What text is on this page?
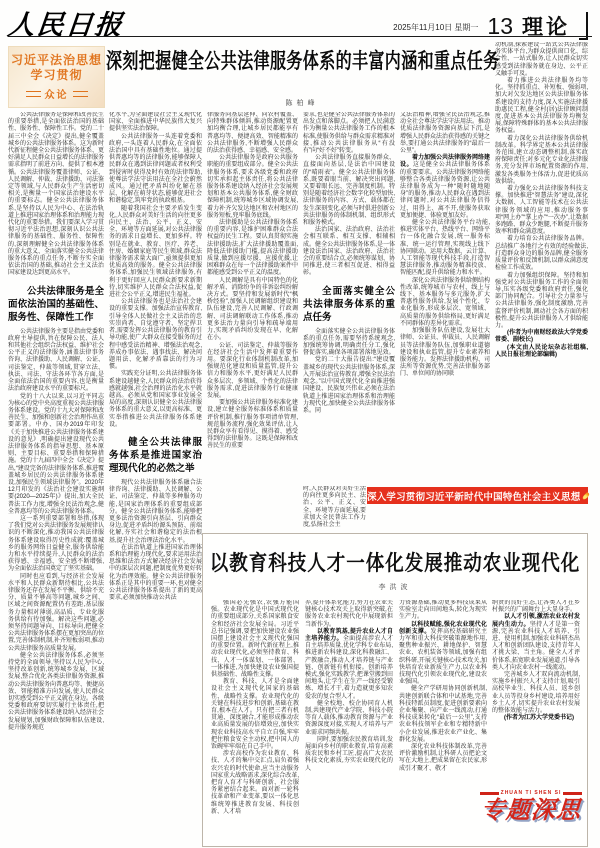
人民日报	2025年11月10日 星期一 13 理论
习近平法治思想
学习贯彻
众论
深刻把握健全公共法律服务体系的丰富内涵和重点任务
陈柏峰

公共法律服务是保障和改善民生的重要举措,是全面依法治国的基础性、服务性、保障性工作。党的二十届三中全会《决定》提出,健全覆盖城乡的公共法律服务体系。这为新时代新征程健全公共法律服务体系、更好满足人民群众日益增长的法律服务需求指明了前进方向、提供了根本遵循。公共法律服务覆盖律师、公证、人民调解、仲裁、法律援助、司法鉴定等领域,与人民群众生产生活密切相关,是衡量一个国家法治建设水平的重要标志。健全公共法律服务体系,是坚持以人民为中心、在法治轨道上推进国家治理体系和治理能力现代化的重要举措。我们要深入学习贯彻习近平法治思想,深刻认识公共法律服务的基础性、服务性、保障性的,深刻理解健全公共法律服务体系的重大意义、全面落实健全公共法律服务体系的重点任务,不断夯实全面依法治国的基础,推动社会主义法治国家建设达到更高水平。

公共法律服务是全面依法治国的基础性、服务性、保障性工作

公共法律服务主要是指由党委和政府主导提供,旨在保障公民、法人和其他社会组织合法权益、维护社会公平正义的法律服务,涵盖法律事务咨询、法律援助、人民调解、公证、司法鉴定、仲裁等领域,贯穿立法、执法、司法、守法各环节各方面,是全面依法治国的重要内容,也是衡量法治政府建设水平的重要标尺。

党的十八大以来,以习近平同志为核心的党中央高度重视公共法律服务体系建设。党的十九大对保障和改善民生、加强和创新社会治理作出重要部署。中办、国办2019年印发《关于加快推进公共法律服务体系建设的意见》,明确提出建设现代公共法律服务体系的指导思想、基本原则、主要目标、重要举措和保障措施。党的十九届四中全会《决定》提出,“建设完备的法律服务体系,推进覆盖城乡居民的公共法律服务体系建设,加强民生领域法律服务”。2020年12月印发的《法治社会建设实施纲要(2020—2025年)》提出,加大全民普法工作力度,增强全民法治观念,健全普惠均等的公共法律服务体系。

这一系列重要部署和举措,体现了我们党对公共法律服务发展规律认识的不断深化,推动我国公共法律服务体系建设取得历史性成就:覆盖城乡的服务网络日益健全,服务供给能力和水平持续提升,人民群众的法治获得感、幸福感、安全感不断增强,为全面依法治国奠定了坚实基础。

同时也应看到,与经济社会发展水平和人民群众新期待相比,公共法律服务还存在发展不平衡、供给不充分、质量不够高等问题,城乡之间、区域之间资源配置仍有差距,基层服务力量相对薄弱,高品质、专业化服务供给有待加强。解决这些问题,必须坚持问题导向、目标导向,把健全公共法律服务体系摆在更加突出的位置,完善体制机制,补齐短板弱项,推动公共法律服务高质量发展。

健全公共法律服务体系,必须坚持党的全面领导,坚持以人民为中心,坚持改革创新,统筹城乡发展、区域发展,整合优化各类法律服务资源,推动公共法律服务向普惠均等、便捷高效、智能精准方向发展,使人民群众切实感受到公平正义就在身边。各级党委和政府要切实履行主体责任,把公共法律服务体系建设纳入经济社会发展规划,加强财政保障和队伍建设,提升服务规范

化水平,为全面建设社会主义现代化国家、全面推进中华民族伟大复兴提供坚实法治保障。

公共法律服务一头连着党委和政府,一头连着人民群众,在全面依法治国中具有基础性地位。通过提供普惠均等的法律服务,能够保障人民群众在遇到法律问题或者权利受到侵害时获得及时有效的法律帮助,使尊法学法守法用法在全社会蔚然成风。通过把矛盾纠纷化解在基层、化解在萌芽状态,能够促进社会和谐稳定,筑牢党的执政根基。

随着我国社会主要矛盾发生变化,人民群众对美好生活的向往更多向民主、法治、公平、正义、安全、环境等方面延展,对公共法律服务的需求日益增长、更加多样。特别是在就业、教育、医疗、养老、住房、婚姻家庭等民生领域,群众法律服务需求量大面广,亟须提供更加优质高效的服务。健全公共法律服务体系,加强民生领域法律服务,有利于更好回应人民群众新要求新期待,切实维护人民群众合法权益,促进社会公平正义,增进民生福祉。

公共法律服务也是法治社会建设的重要支撑。加强法治宣传教育,引导全体人民做社会主义法治的忠实崇尚者、自觉遵守者、坚定捍卫者,需要发挥公共法律服务的教育引导功能,使广大群众在接受服务的过程中感受法治精神、增强法治观念,养成办事依法、遇事找法、解决问题用法、化解矛盾靠法的行为习惯。

实践充分证明,公共法律服务体系建设越健全,人民群众的法治获得感就越强,社会治理的法治化水平就越高。必须从党和国家事业发展全局的高度,深刻认识健全公共法律服务体系的重大意义,以更高标准、更实举措推进公共法律服务体系建设。

健全公共法律服务体系是推进国家治理现代化的必然之举

现代公共法律服务体系融合法律咨询、法律援助、人民调解、公证、司法鉴定、仲裁等多种服务功能,是国家治理体系的重要组成部分。健全公共法律服务体系,能够把更多法治资源引向基层、引向群众身边,促进矛盾纠纷源头预防、前端化解,夯实社会和谐稳定的法治根基,提升社会治理法治化水平。

在法治轨道上推进国家治理体系和治理能力现代化,要求运用法治思维和法治方式解决经济社会发展中的深层次问题,把制度优势更好转化为治理效能。健全公共法律服务体系正是其中的重要一环,也对健全公共法律服务体系提出了新的更高要求,必须加快推动公共法

律服务向基层延伸、向农村覆盖、向特殊群体倾斜,推动资源配置更加均衡合理,让城乡居民都能享有普惠均等、便捷高效、智能精准的公共法律服务,不断增强人民群众的法治获得感、幸福感、安全感。

公共法律服务是政府公共服务职能的重要组成部分。健全公共法律服务体系,要求各级党委和政府切实承担起主体责任,将公共法律服务体系建设纳入经济社会发展规划和基本公共服务体系,健全财政保障机制,统筹城乡区域协调发展,着力补齐欠发达地区和农村地区的服务短板,兜牢服务底线。

法律援助是公共法律服务体系的重要内容,是维护困难群众合法权益的民生工程。要认真贯彻实施法律援助法,扩大法律援助覆盖面,降低法律援助门槛,提高法律援助质量,做到应援尽援、应援优援,让困难群众在每一个法律援助案件中都能感受到公平正义的温度。

人民调解是具有中国特色的化解矛盾、消除纷争的非诉讼纠纷解决方式。要坚持和发展新时代“枫桥经验”,加强人民调解组织建设和队伍建设,完善人民调解、行政调解、司法调解联动工作体系,推动更多法治力量向引导和疏导端用力,实现矛盾纠纷发现在早、化解在小。

公证、司法鉴定、仲裁等服务在经济社会生活中发挥着重要作用。要深化行业体制机制改革,加强规范化建设和质量监管,提升公信力和服务水平,更好满足人民群众多层次、多领域、个性化的法律服务需求,促进法律服务行业健康发展。

要加强公共法律服务标准化建设,建立健全服务标准体系和质量评价机制,推行服务事项清单管理,规范服务流程,强化效果评估,让人民群众享有看得见、摸得着、感受得到的法律服务。这既是保障和改善民生的重要

要求,也是健全公共法律服务体系的出发点和落脚点。必须把人民满意作为衡量公共法律服务工作的根本标准,使服务供给与群众需求精准对接,推动公共法律服务从“有没有”向“好不好”转变。

公共法律服务直接服务群众、直接面向基层,是法治中国建设的“晴雨表”。健全公共法律服务体系,既要着眼当前、解决突出问题,又要着眼长远、完善制度机制。特别是随着经济社会数字化转型加快,法律服务的内容、方式、载体都在发生深刻变化,必须与时俱进创新公共法律服务的体制机制、组织形式和服务模式。

法治国家、法治政府、法治社会相互联系、相互支撑、相辅相成。健全公共法律服务体系,是一体建设法治国家、法治政府、法治社会的重要结合点,必须统筹谋划、协同推进,使三者相互促进、相得益彰。

全面落实健全公共法律服务体系的重点任务

全面落实健全公共法律服务体系的重点任务,需要坚持系统观念,加强统筹协调,明确责任分工,强化督促落实,确保各项部署落地见效。

党的二十大报告提出:“建设覆盖城乡的现代公共法律服务体系,深入开展法治宣传教育,增强全民法治观念。”以中国式现代化全面推进强国建设、民族复兴伟业,必须在法治轨道上推进国家治理体系和治理能力现代化,加快健全公共法律服务体系。同

时,人民群众对美好生活的向往更多向民主、法治、公平、正义、安全、环境等方面延展,要求加大全民普法工作力度,弘扬社会主

义法治精神,增强全民法治观念,推动全社会尊法学法守法用法。推动优质法律服务资源向基层下沉,是增强人民群众法治获得感的关键之举,要打通公共法律服务的“最后一公里”。

着力加强公共法律服务网络建设。这是健全公共法律服务体系的重要要求。公共法律服务网络能够整合各类法律服务资源,让公共法律服务成为一种“随时随地随身”的服务,推动人民群众在遇到法律问题时,对公共法律服务信得过、用得上、离不开,使服务获取更加便捷、体验更加友好。

健全公共法律服务平台功能,推进实体平台、热线平台、网络平台一体化融合发展,统一服务标准、统一运行管理,实现线上线下协同联动。运用大数据、云计算、人工智能等现代科技手段,打造智慧法律服务,推动服务精准投放、智能匹配,提升供给能力和水平。

深化公共法律服务供给侧结构性改革,统筹城市与农村、线上与线下、基本服务与多元服务,扩大普惠性服务供给,发展个性化、专业化服务,形成多层次、宽领域、高质量的服务供给格局,更好满足不同群体的差异化需求。

加强服务队伍建设,发展壮大律师、公证员、仲裁员、人民调解员等法律服务队伍,加强职业道德建设和执业监管,提升专业素养和服务能力。发挥法律援助机构、司法所等资源优势,完善法律服务部门、单位间的协同联

动机制,探索建设一站式公共法律服务实体平台,为群众提供窗口化、综合性、一站式服务,让人民群众切实感受到法律服务就在身边、公平正义触手可及。

着力推进公共法律服务均等化。坚持抓重点、补短板、强弱项,加大对欠发达地区公共法律服务体系建设的支持力度,深入实施法律援助惠民工程,健全村(居)法律顾问制度,促进基本公共法律服务均衡发展,保障特殊群体的基本公共法律服务权益。

着力深化公共法律服务供给机制改革。科学界定基本公共法律服务范围,建立动态调整机制,落实政府保障责任;对多元化专业化法律服务,充分发挥市场配置资源的作用,激发各类服务主体活力,促进优质高效供给。

着力强化公共法律服务科技支撑。加快推进“智慧法务”建设,深化大数据、人工智能等技术在公共法律服务领域的应用,推动服务事项“网上办”“掌上办”“一次办”,让数据多跑路、群众少跑腿,不断提升服务效率和群众满意度。

着力培育公共法律服务品牌。总结推广各地行之有效的经验做法,打造群众身边的服务品牌,健全服务质量评价和反馈机制,以群众满意度检验工作成效。

着力加强组织保障。坚持和加强党对公共法律服务工作的全面领导,压实各级党委和政府责任,强化部门协同配合。引导社会力量参与公共法律服务,强化制度激励,完善监督评价机制,调动社会各方面的积极性,提升公共法律服务人才供给能力。

(作者为中南财经政法大学党委常委、副校长)

(本文由人民论坛杂志社组稿,人民日报社理论部编辑)

深入学习贯彻习近平新时代中国特色社会主义思想
以教育科技人才一体化发展推动农业现代化
李洪波

强国必先强农,农强方能国强。农业现代化是中国式现代化的重要组成部分,关系国家粮食安全和经济社会发展全局。习近平总书记强调,要把加快建设农业强国摆上建设社会主义现代化强国的重要位置。新时代新征程上,推动农业现代化,必须坚持教育、科技、人才一体谋划、一体部署、一体推进,为加快建设农业强国提供基础性、战略性支撑。

教育、科技、人才是全面建设社会主义现代化国家的基础性、战略性支撑。农业现代化的关键在科技进步和创新,基础在教育,根本在人才。只有把三者有机贯通、深度融合,才能形成推动农业高质量发展的倍增效应,加快实现农业科技高水平自立自强,牢牢把住粮食安全主动权,把中国人的饭碗牢牢端在自己手中。

涉农高校作为农业教育、科技、人才的集中交汇点,肩负着强农兴农的时代使命,应当主动服务国家重大战略需求,深化综合改革,把育人育才与科研创新、社会服务紧密结合起来。面对新一轮科技革命和产业变革,要以一体化思维统筹推进教育发展、科技创新、人才培

养,提升体系化能力,努力在农业关键核心技术攻关上取得新突破,在服务农业农村现代化中展现新担当新作为。

以教育筑基,提升农业人才自主培养能力。全面提高涉农人才自主培养质量,优化学科专业布局,推进新农科建设,深化科教融汇、产教融合,推动人才培养链与产业链、创新链有机衔接。创新培养模式,强化实践教学,把课堂搬到田间地头,让学生在生产一线经受锻炼、增长才干,着力造就更多知农爱农的复合型人才。

健全校地、校企协同育人机制,共建现代产业学院、科技小院等育人载体,推动教育资源与产业资源深度对接,实现人才培养与产业需求同频共振。

同时,要加强农民教育培训,发展面向乡村的职业教育,培育高素质农民和乡村工匠,提高广大农民科技文化素质,夯实农业现代化的人

力资源基础,推动更多科技成果从实验室走向田间地头,转化为现实生产力。

以科技赋能,强化农业现代化创新支撑。发挥高校基础研究主力军和重大科技突破策源地作用,聚焦种业振兴、耕地保护、智慧农业、农机装备等领域,加强有组织科研,开展关键核心技术攻关,加快培育农业新质生产力,以农业科技现代化引领农业现代化,建设农业强国。

健全产学研用协同创新机制,共建创新联合体和中试基地,完善科技特派员制度,促进创新要素向企业集聚、向产业一线流动,打通科技成果转化“最后一公里”,支持农业科技领军企业和专精特新中小企业发展,推进农业产业化、集群化发展。

深化农业科技体制改革,完善评价激励机制,让科研人员把论文写在大地上,把成果留在农民家,形成引才聚才、敬才

纳贤的良好生态,让各类人才在乡村振兴的广阔舞台上大显身手。

以人才引领,激活农业农村发展内生动力。坚持人才是第一资源,完善农业科技人才培养、引进、使用机制,加强农业科研杰出人才和创新团队建设,支持青年人才挑大梁、当主角。健全人才评价体系,拓宽职业发展通道,引导各类人才向农业农村一线流动。

完善城乡人才双向流动机制,实施乡村振兴人才支持计划,吸引高校毕业生、科技人员、返乡创业人员等投身乡村建设,培养用好乡土人才,切实提升农业农村发展的整体效能与活力。

(作者为江苏大学党委书记)

ZHUAN TI SHEN SI
专题深思
